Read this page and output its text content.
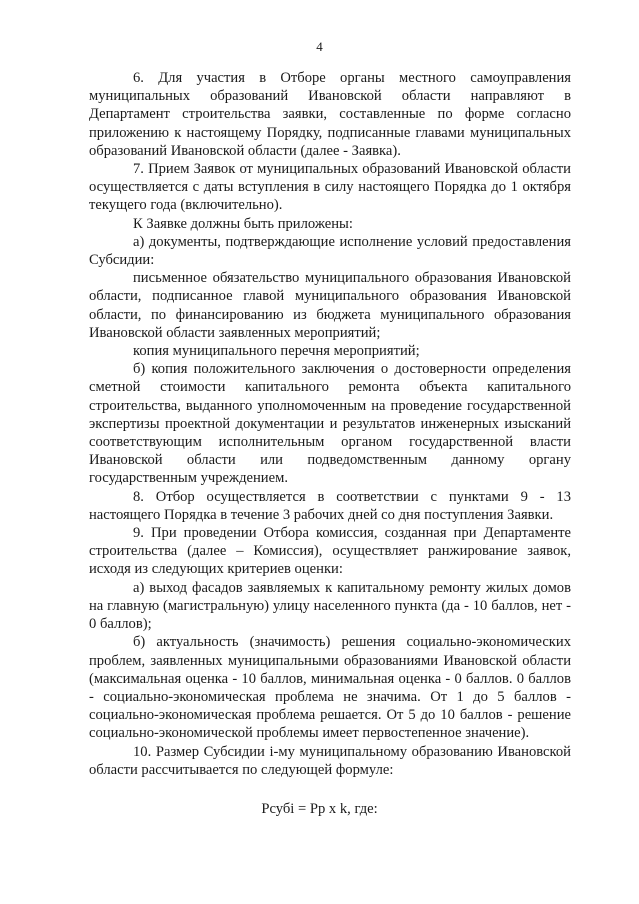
4

6. Для участия в Отборе органы местного самоуправления муниципальных образований Ивановской области направляют в Департамент строительства заявки, составленные по форме согласно приложению к настоящему Порядку, подписанные главами муниципальных образований Ивановской области (далее - Заявка).

7. Прием Заявок от муниципальных образований Ивановской области осуществляется с даты вступления в силу настоящего Порядка до 1 октября текущего года (включительно).

К Заявке должны быть приложены:

а) документы, подтверждающие исполнение условий предоставления Субсидии:

письменное обязательство муниципального образования Ивановской области, подписанное главой муниципального образования Ивановской области, по финансированию из бюджета муниципального образования Ивановской области заявленных мероприятий;

копия муниципального перечня мероприятий;

б) копия положительного заключения о достоверности определения сметной стоимости капитального ремонта объекта капитального строительства, выданного уполномоченным на проведение государственной экспертизы проектной документации и результатов инженерных изысканий соответствующим исполнительным органом государственной власти Ивановской области или подведомственным данному органу государственным учреждением.

8. Отбор осуществляется в соответствии с пунктами 9 - 13 настоящего Порядка в течение 3 рабочих дней со дня поступления Заявки.

9. При проведении Отбора комиссия, созданная при Департаменте строительства (далее – Комиссия), осуществляет ранжирование заявок, исходя из следующих критериев оценки:

а) выход фасадов заявляемых к капитальному ремонту жилых домов на главную (магистральную) улицу населенного пункта (да - 10 баллов, нет - 0 баллов);

б) актуальность (значимость) решения социально-экономических проблем, заявленных муниципальными образованиями Ивановской области (максимальная оценка - 10 баллов, минимальная оценка - 0 баллов. 0 баллов - социально-экономическая проблема не значима. От 1 до 5 баллов - социально-экономическая проблема решается. От 5 до 10 баллов - решение социально-экономической проблемы имеет первостепенное значение).

10. Размер Субсидии i-му муниципальному образованию Ивановской области рассчитывается по следующей формуле:

Рсубi = Рр х k, где:
